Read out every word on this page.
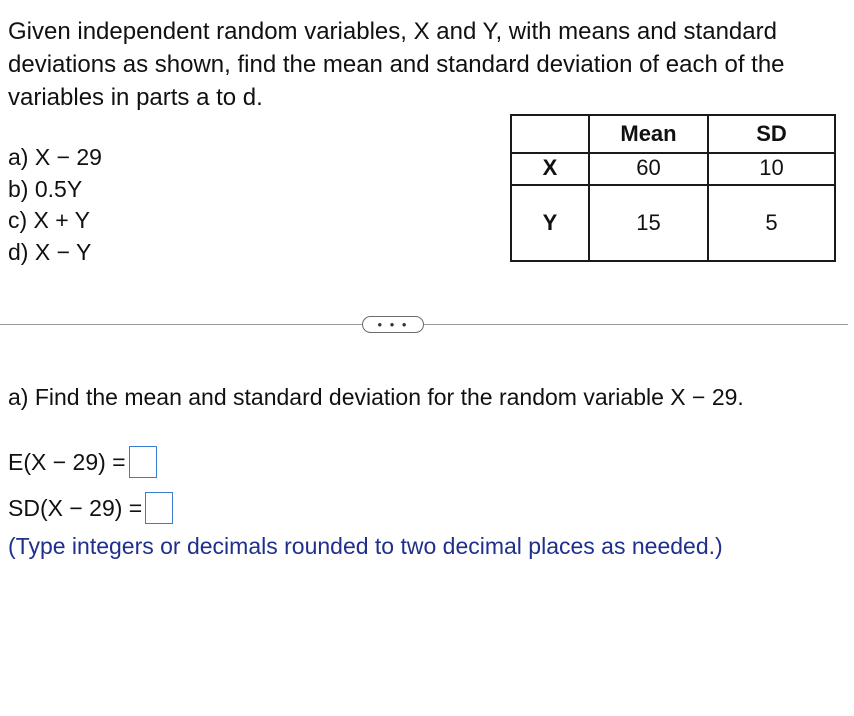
Given independent random variables, X and Y, with means and standard deviations as shown, find the mean and standard deviation of each of the variables in parts a to d.

a) X − 29
b) 0.5Y
c) X + Y
d) X − Y
	Mean	SD
X	60	10
Y	15	5
• • •

a) Find the mean and standard deviation for the random variable X − 29.

E(X − 29) =
SD(X − 29) =
(Type integers or decimals rounded to two decimal places as needed.)
